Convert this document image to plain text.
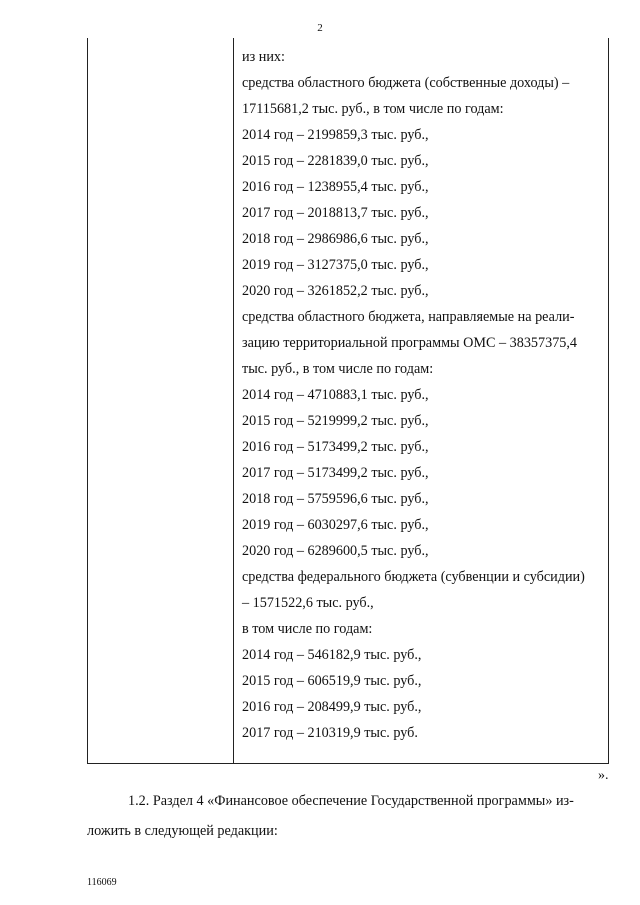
2
из них:
средства областного бюджета (собственные доходы) –
17115681,2 тыс. руб., в том числе по годам:
2014 год – 2199859,3 тыс. руб.,
2015 год – 2281839,0 тыс. руб.,
2016 год – 1238955,4 тыс. руб.,
2017 год – 2018813,7 тыс. руб.,
2018 год – 2986986,6 тыс. руб.,
2019 год – 3127375,0 тыс. руб.,
2020 год – 3261852,2 тыс. руб.,
средства областного бюджета, направляемые на реали-
зацию территориальной программы ОМС – 38357375,4
тыс. руб., в том числе по годам:
2014 год – 4710883,1 тыс. руб.,
2015 год – 5219999,2 тыс. руб.,
2016 год – 5173499,2 тыс. руб.,
2017 год – 5173499,2 тыс. руб.,
2018 год – 5759596,6 тыс. руб.,
2019 год – 6030297,6 тыс. руб.,
2020 год – 6289600,5 тыс. руб.,
средства федерального бюджета (субвенции и субсидии)
– 1571522,6 тыс. руб.,
в том числе по годам:
2014 год – 546182,9 тыс. руб.,
2015 год – 606519,9 тыс. руб.,
2016 год – 208499,9 тыс. руб.,
2017 год – 210319,9 тыс. руб.
».
1.2. Раздел 4 «Финансовое обеспечение Государственной программы» из-
ложить в следующей редакции:
116069
